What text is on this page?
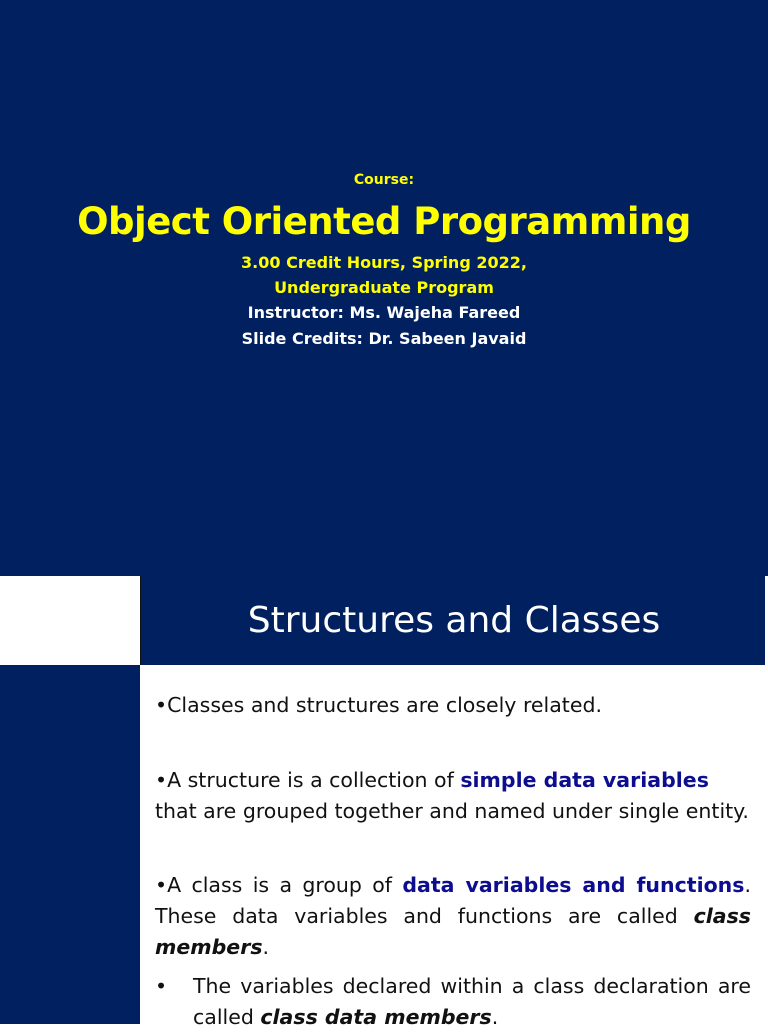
Course:
Object Oriented Programming
3.00 Credit Hours, Spring 2022,
Undergraduate Program
Instructor: Ms. Wajeha Fareed
Slide Credits: Dr. Sabeen Javaid
Structures and Classes

•Classes and structures are closely related.

•A structure is a collection of simple data variables that are grouped together and named under single entity.

•A class is a group of data variables and functions. These data variables and functions are called class members.

• The variables declared within a class declaration are called class data members.
